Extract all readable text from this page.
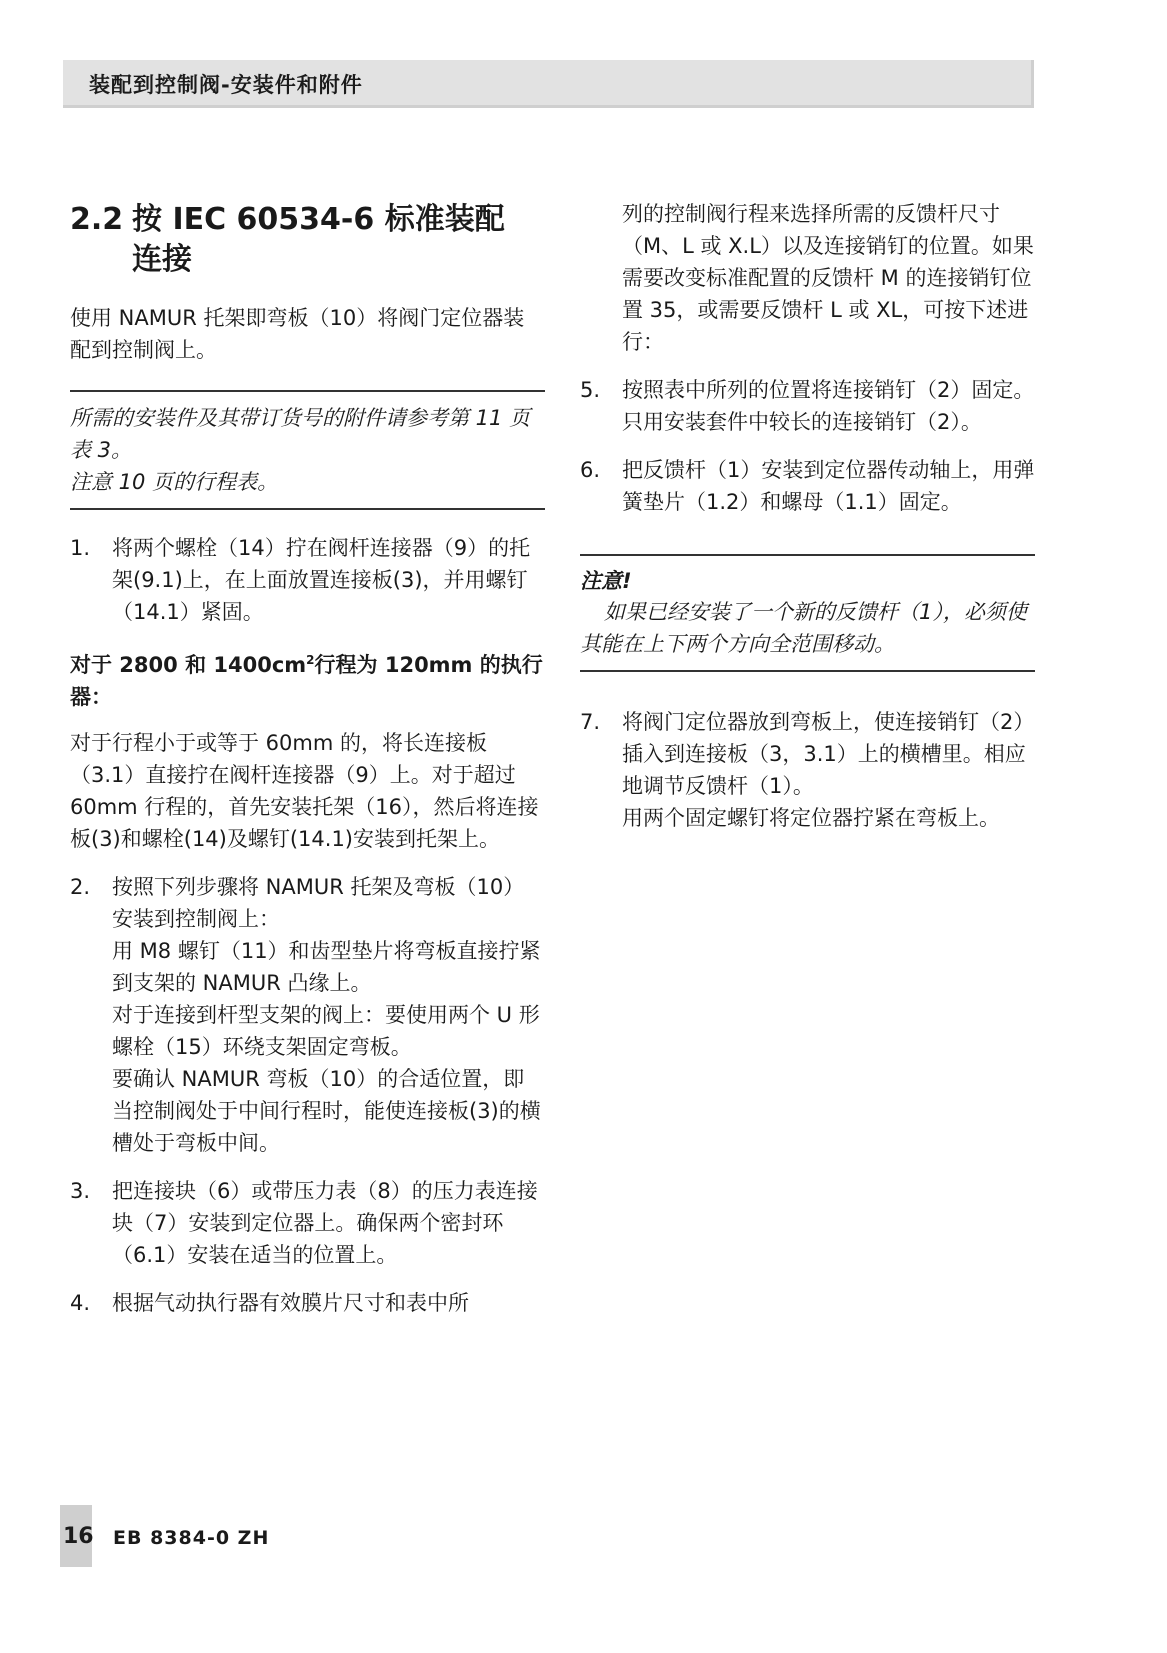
装配到控制阀-安装件和附件
2.2 按 IEC 60534-6 标准装配
连接

使用 NAMUR 托架即弯板（10）将阀门定位器装配到控制阀上。

所需的安装件及其带订货号的附件请参考第 11 页表 3。
注意 10 页的行程表。
1.	将两个螺栓（14）拧在阀杆连接器（9）的托架(9.1)上，在上面放置连接板(3)，并用螺钉（14.1）紧固。
对于 2800 和 $1400cm^2$行程为 120mm 的执行器：

对于行程小于或等于 60mm 的，将长连接板（3.1）直接拧在阀杆连接器（9）上。对于超过 60mm 行程的，首先安装托架（16），然后将连接板(3)和螺栓(14)及螺钉(14.1)安装到托架上。

2.	按照下列步骤将 NAMUR 托架及弯板（10）安装到控制阀上：
用 M8 螺钉（11）和齿型垫片将弯板直接拧紧到支架的 NAMUR 凸缘上。
对于连接到杆型支架的阀上：要使用两个 U 形螺栓（15）环绕支架固定弯板。
要确认 NAMUR 弯板（10）的合适位置，即当控制阀处于中间行程时，能使连接板(3)的横槽处于弯板中间。
3.	把连接块（6）或带压力表（8）的压力表连接块（7）安装到定位器上。确保两个密封环（6.1）安装在适当的位置上。
4.	根据气动执行器有效膜片尺寸和表中所

列的控制阀行程来选择所需的反馈杆尺寸（M、L 或 X.L）以及连接销钉的位置。如果需要改变标准配置的反馈杆 M 的连接销钉位置 35，或需要反馈杆 L 或 XL，可按下述进行：

5.	按照表中所列的位置将连接销钉（2）固定。只用安装套件中较长的连接销钉（2）。
6.	把反馈杆（1）安装到定位器传动轴上，用弹簧垫片（1.2）和螺母（1.1）固定。
注意!
如果已经安装了一个新的反馈杆（1），必须使其能在上下两个方向全范围移动。
7.	将阀门定位器放到弯板上，使连接销钉（2）插入到连接板（3，3.1）上的横槽里。相应地调节反馈杆（1）。
用两个固定螺钉将定位器拧紧在弯板上。
16 EB 8384-0 ZH
